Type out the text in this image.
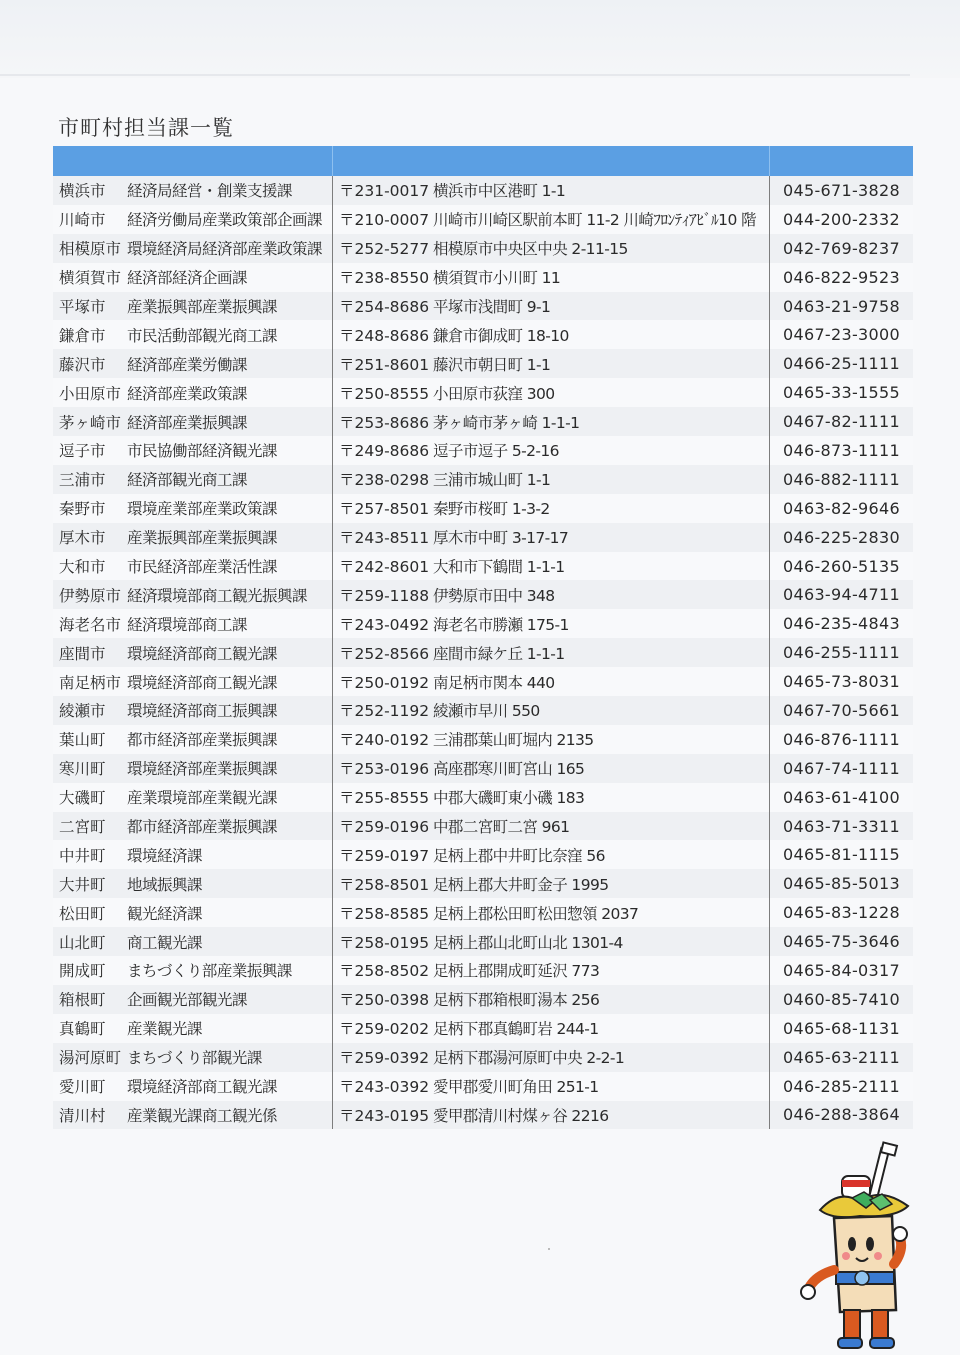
市町村担当課一覧
横浜市	経済局経営・創業支援課	〒231-0017 横浜市中区港町 1-1	045-671-3828
川崎市	経済労働局産業政策部企画課	〒210-0007 川崎市川崎区駅前本町 11-2 川崎ﾌﾛﾝﾃｨｱﾋﾞﾙ10 階	044-200-2332
相模原市 環境経済局経済部産業政策課	〒252-5277 相模原市中央区中央 2-11-15	042-769-8237
横須賀市 経済部経済企画課	〒238-8550 横須賀市小川町 11	046-822-9523
平塚市	産業振興部産業振興課	〒254-8686 平塚市浅間町 9-1	0463-21-9758
鎌倉市	市民活動部観光商工課	〒248-8686 鎌倉市御成町 18-10	0467-23-3000
藤沢市	経済部産業労働課	〒251-8601 藤沢市朝日町 1-1	0466-25-1111
小田原市 経済部産業政策課	〒250-8555 小田原市荻窪 300	0465-33-1555
茅ヶ崎市 経済部産業振興課	〒253-8686 茅ヶ崎市茅ヶ崎 1-1-1	0467-82-1111
逗子市	市民協働部経済観光課	〒249-8686 逗子市逗子 5-2-16	046-873-1111
三浦市	経済部観光商工課	〒238-0298 三浦市城山町 1-1	046-882-1111
秦野市	環境産業部産業政策課	〒257-8501 秦野市桜町 1-3-2	0463-82-9646
厚木市	産業振興部産業振興課	〒243-8511 厚木市中町 3-17-17	046-225-2830
大和市	市民経済部産業活性課	〒242-8601 大和市下鶴間 1-1-1	046-260-5135
伊勢原市 経済環境部商工観光振興課	〒259-1188 伊勢原市田中 348	0463-94-4711
海老名市 経済環境部商工課	〒243-0492 海老名市勝瀬 175-1	046-235-4843
座間市	環境経済部商工観光課	〒252-8566 座間市緑ケ丘 1-1-1	046-255-1111
南足柄市 環境経済部商工観光課	〒250-0192 南足柄市関本 440	0465-73-8031
綾瀬市	環境経済部商工振興課	〒252-1192 綾瀬市早川 550	0467-70-5661
葉山町	都市経済部産業振興課	〒240-0192 三浦郡葉山町堀内 2135	046-876-1111
寒川町	環境経済部産業振興課	〒253-0196 高座郡寒川町宮山 165	0467-74-1111
大磯町	産業環境部産業観光課	〒255-8555 中郡大磯町東小磯 183	0463-61-4100
二宮町	都市経済部産業振興課	〒259-0196 中郡二宮町二宮 961	0463-71-3311
中井町	環境経済課	〒259-0197 足柄上郡中井町比奈窪 56	0465-81-1115
大井町	地域振興課	〒258-8501 足柄上郡大井町金子 1995	0465-85-5013
松田町	観光経済課	〒258-8585 足柄上郡松田町松田惣領 2037	0465-83-1228
山北町	商工観光課	〒258-0195 足柄上郡山北町山北 1301-4	0465-75-3646
開成町	まちづくり部産業振興課	〒258-8502 足柄上郡開成町延沢 773	0465-84-0317
箱根町	企画観光部観光課	〒250-0398 足柄下郡箱根町湯本 256	0460-85-7410
真鶴町	産業観光課	〒259-0202 足柄下郡真鶴町岩 244-1	0465-68-1131
湯河原町 まちづくり部観光課	〒259-0392 足柄下郡湯河原町中央 2-2-1	0465-63-2111
愛川町	環境経済部商工観光課	〒243-0392 愛甲郡愛川町角田 251-1	046-285-2111
清川村	産業観光課商工観光係	〒243-0195 愛甲郡清川村煤ヶ谷 2216	046-288-3864
